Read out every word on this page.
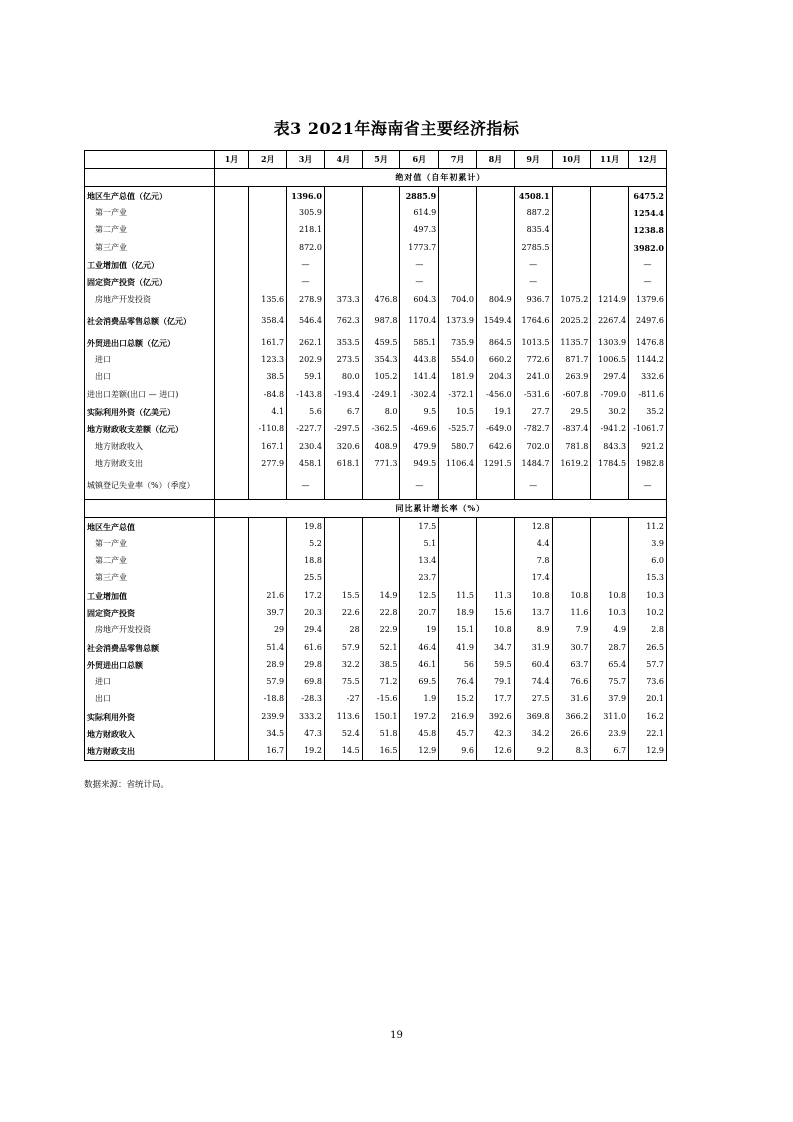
表3 2021年海南省主要经济指标
	1月	2月	3月	4月	5月	6月	7月	8月	9月	10月	11月	12月
	绝对值（自年初累计）											
地区生产总值（亿元）			1396.0			2885.9			4508.1			6475.2
第一产业			305.9			614.9			887.2			1254.4
第二产业			218.1			497.3			835.4			1238.8
第三产业			872.0			1773.7			2785.5			3982.0
工业增加值（亿元）			—			—			—			—
固定资产投资（亿元）			—			—			—			—
房地产开发投资		135.6	278.9	373.3	476.8	604.3	704.0	804.9	936.7	1075.2	1214.9	1379.6
社会消费品零售总额（亿元）		358.4	546.4	762.3	987.8	1170.4	1373.9	1549.4	1764.6	2025.2	2267.4	2497.6
外贸进出口总额（亿元）		161.7	262.1	353.5	459.5	585.1	735.9	864.5	1013.5	1135.7	1303.9	1476.8
进口		123.3	202.9	273.5	354.3	443.8	554.0	660.2	772.6	871.7	1006.5	1144.2
出口		38.5	59.1	80.0	105.2	141.4	181.9	204.3	241.0	263.9	297.4	332.6
进出口差额(出口 — 进口)		-84.8	-143.8	-193.4	-249.1	-302.4	-372.1	-456.0	-531.6	-607.8	-709.0	-811.6
实际利用外资（亿美元）		4.1	5.6	6.7	8.0	9.5	10.5	19.1	27.7	29.5	30.2	35.2
地方财政收支差额（亿元）		-110.8	-227.7	-297.5	-362.5	-469.6	-525.7	-649.0	-782.7	-837.4	-941.2	-1061.7
地方财政收入		167.1	230.4	320.6	408.9	479.9	580.7	642.6	702.0	781.8	843.3	921.2
地方财政支出		277.9	458.1	618.1	771.3	949.5	1106.4	1291.5	1484.7	1619.2	1784.5	1982.8
城镇登记失业率（%）（季度）			—			—			—			—
	同比累计增长率（%）											
地区生产总值			19.8			17.5			12.8			11.2
第一产业			5.2			5.1			4.4			3.9
第二产业			18.8			13.4			7.8			6.0
第三产业			25.5			23.7			17.4			15.3
工业增加值		21.6	17.2	15.5	14.9	12.5	11.5	11.3	10.8	10.8	10.8	10.3
固定资产投资		39.7	20.3	22.6	22.8	20.7	18.9	15.6	13.7	11.6	10.3	10.2
房地产开发投资		29	29.4	28	22.9	19	15.1	10.8	8.9	7.9	4.9	2.8
社会消费品零售总额		51.4	61.6	57.9	52.1	46.4	41.9	34.7	31.9	30.7	28.7	26.5
外贸进出口总额		28.9	29.8	32.2	38.5	46.1	56	59.5	60.4	63.7	65.4	57.7
进口		57.9	69.8	75.5	71.2	69.5	76.4	79.1	74.4	76.6	75.7	73.6
出口		-18.8	-28.3	-27	-15.6	1.9	15.2	17.7	27.5	31.6	37.9	20.1
实际利用外资		239.9	333.2	113.6	150.1	197.2	216.9	392.6	369.8	366.2	311.0	16.2
地方财政收入		34.5	47.3	52.4	51.8	45.8	45.7	42.3	34.2	26.6	23.9	22.1
地方财政支出		16.7	19.2	14.5	16.5	12.9	9.6	12.6	9.2	8.3	6.7	12.9
数据来源：省统计局。
19
